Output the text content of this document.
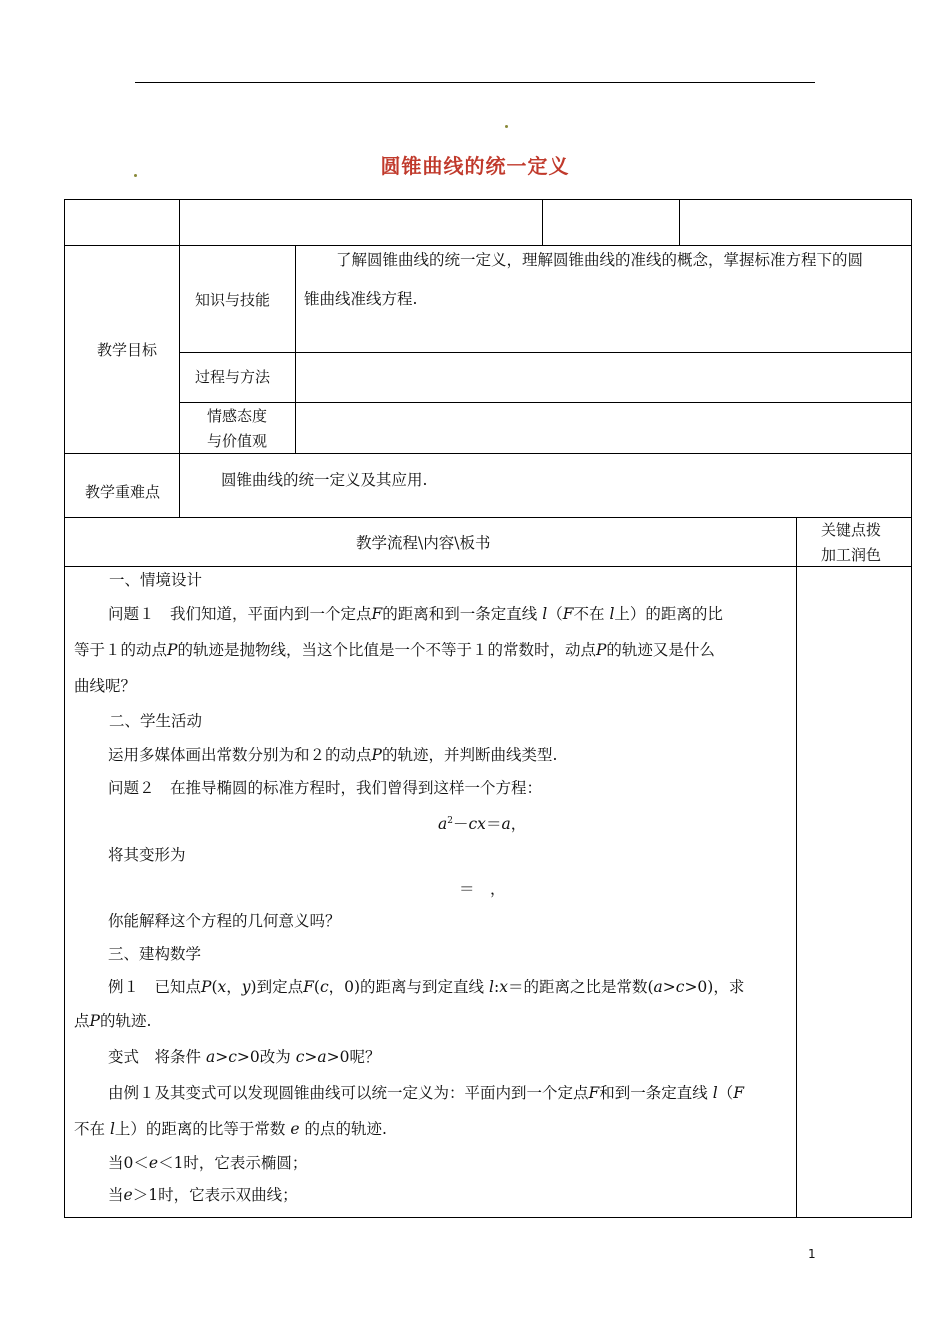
圆锥曲线的统一定义
教学目标
知识与技能
了解圆锥曲线的统一定义，理解圆锥曲线的准线的概念，掌握标准方程下的圆
锥曲线准线方程.
过程与方法
情感态度
与价值观
教学重难点
圆锥曲线的统一定义及其应用.
教学流程\内容\板书
关键点拨
加工润色
一、情境设计
问题１　我们知道，平面内到一个定点F的距离和到一条定直线 l（F不在 l上）的距离的比
等于１的动点P的轨迹是抛物线，当这个比值是一个不等于１的常数时，动点P的轨迹又是什么
曲线呢？
二、学生活动
运用多媒体画出常数分别为和２的动点P的轨迹，并判断曲线类型.
问题２　在推导椭圆的标准方程时，我们曾得到这样一个方程：
$a^2-cx=a$，
将其变形为
＝　，
你能解释这个方程的几何意义吗？
三、建构数学
例１　已知点P(x，y)到定点F(c，0)的距离与到定直线 l:x＝的距离之比是常数(a>c>0)，求
点P的轨迹.
变式　将条件 a>c>0改为 c>a>0呢？
由例１及其变式可以发现圆锥曲线可以统一定义为：平面内到一个定点F和到一条定直线 l（F
不在 l上）的距离的比等于常数 e 的点的轨迹.
当0＜e＜1时，它表示椭圆；
当e＞1时，它表示双曲线；
1
